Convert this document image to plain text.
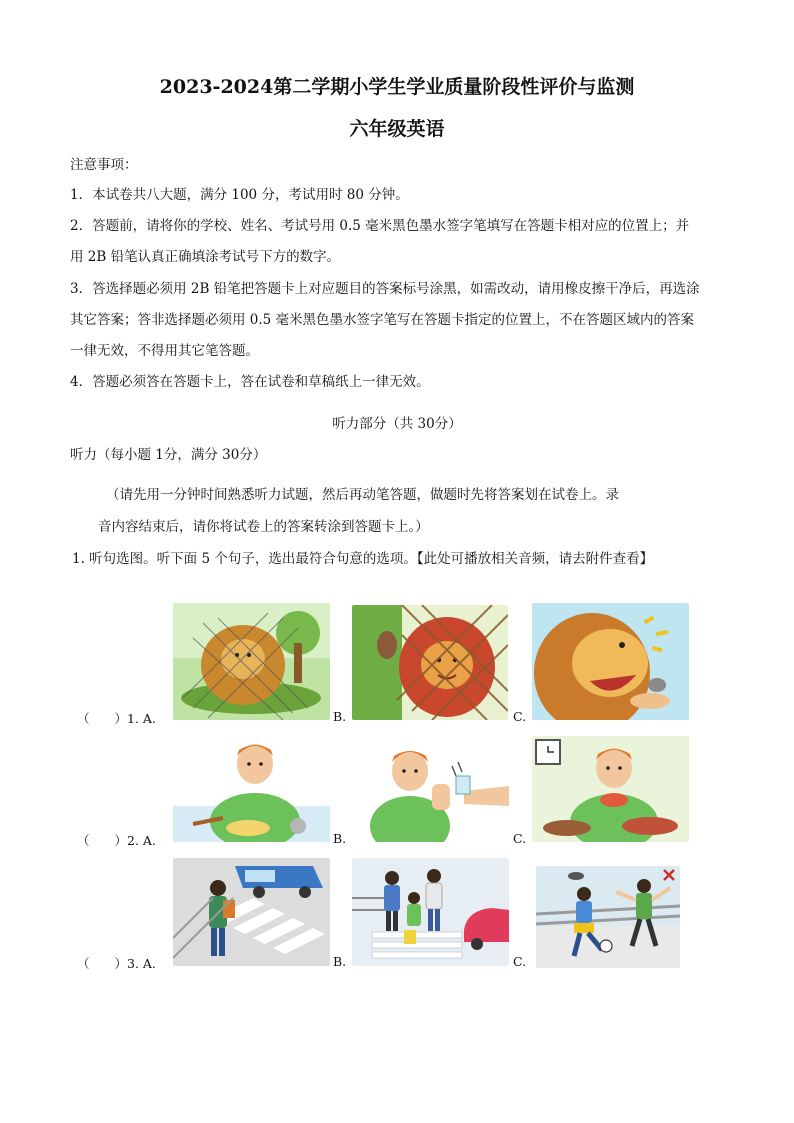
2023-2024第二学期小学生学业质量阶段性评价与监测
六年级英语
注意事项：
1．本试卷共八大题，满分 100 分，考试用时 80 分钟。
2．答题前，请将你的学校、姓名、考试号用 0.5 毫米黑色墨水签字笔填写在答题卡相对应的位置上；并
用 2B 铅笔认真正确填涂考试号下方的数字。
3．答选择题必须用 2B 铅笔把答题卡上对应题目的答案标号涂黑，如需改动，请用橡皮擦干净后，再选涂
其它答案；答非选择题必须用 0.5 毫米黑色墨水签字笔写在答题卡指定的位置上，不在答题区域内的答案
一律无效，不得用其它笔答题。
4．答题必须答在答题卡上，答在试卷和草稿纸上一律无效。
听力部分（共 30分）
听力（每小题 1分，满分 30分）
（请先用一分钟时间熟悉听力试题，然后再动笔答题，做题时先将答案划在试卷上。录
音内容结束后，请你将试卷上的答案转涂到答题卡上。）
1. 听句选图。听下面 5 个句子，选出最符合句意的选项。【此处可播放相关音频，请去附件查看】
（　　）1. A.	B.	C.
（　　）2. A.	B.	C.
（　　）3. A.	B.	C.
